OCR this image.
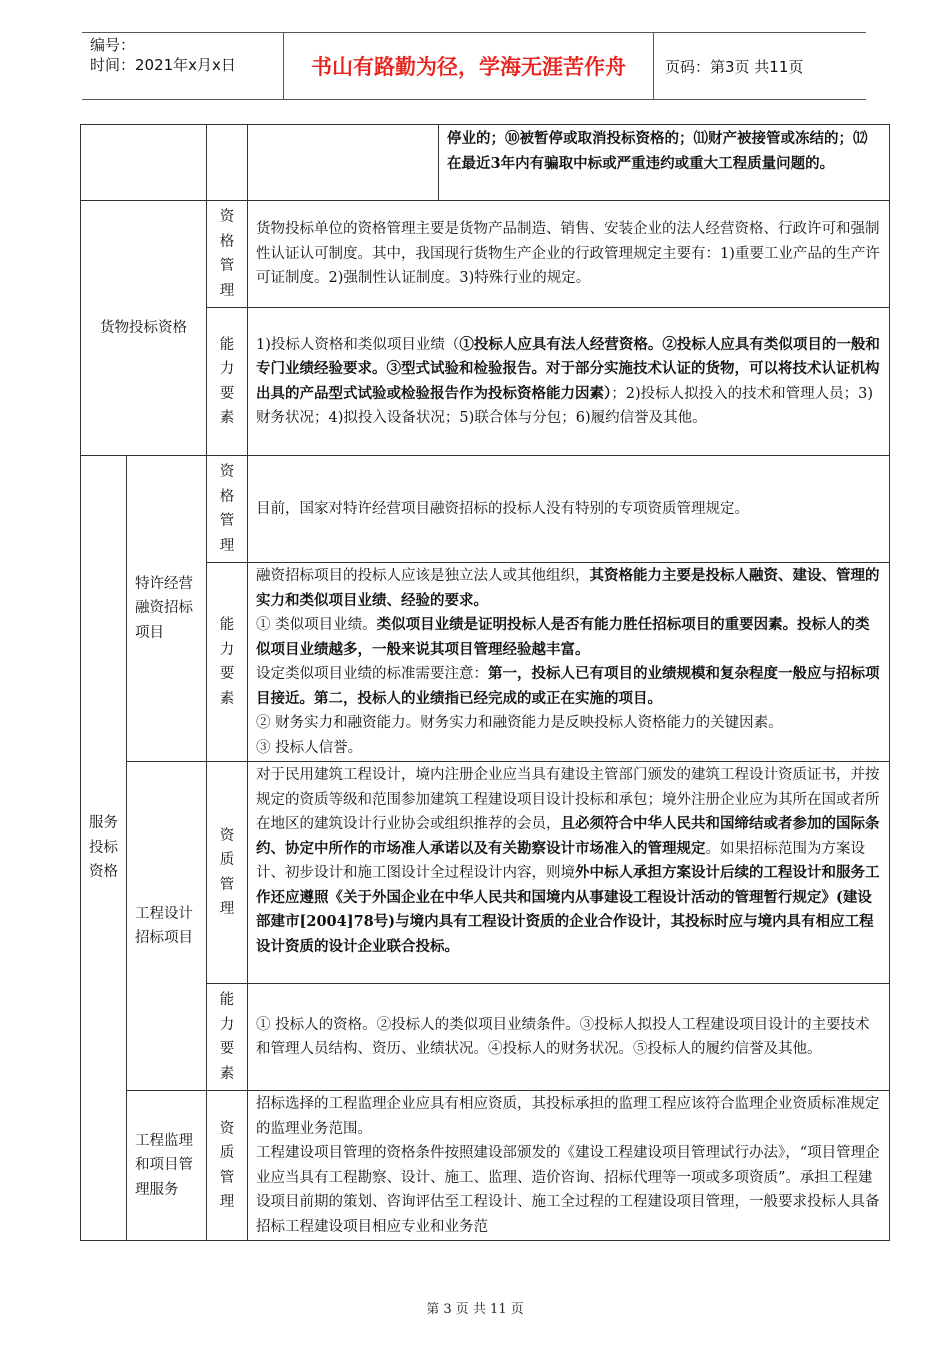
编号：
时间：2021年x月x日	书山有路勤为径，学海无涯苦作舟	页码：第3页 共11页
				停业的；⑩被暂停或取消投标资格的；⑾财产被接管或冻结的；⑿在最近3年内有骗取中标或严重违约或重大工程质量问题的。
货物投标资格		资格管理	货物投标单位的资格管理主要是货物产品制造、销售、安装企业的法人经营资格、行政许可和强制性认证认可制度。其中，我国现行货物生产企业的行政管理规定主要有：1)重要工业产品的生产许可证制度。2)强制性认证制度。3)特殊行业的规定。	
		能力要素	1)投标人资格和类似项目业绩（①投标人应具有法人经营资格。②投标人应具有类似项目的一般和专门业绩经验要求。③型式试验和检验报告。对于部分实施技术认证的货物，可以将技术认证机构出具的产品型式试验或检验报告作为投标资格能力因素）；2)投标人拟投入的技术和管理人员；3)财务状况；4)拟投入设备状况；5)联合体与分包；6)履约信誉及其他。	
服务投标资格	特许经营融资招标项目	资格管理	目前，国家对特许经营项目融资招标的投标人没有特别的专项资质管理规定。	
		能力要素	融资招标项目的投标人应该是独立法人或其他组织，其资格能力主要是投标人融资、建设、管理的实力和类似项目业绩、经验的要求。
① 类似项目业绩。类似项目业绩是证明投标人是否有能力胜任招标项目的重要因素。投标人的类似项目业绩越多，一般来说其项目管理经验越丰富。
设定类似项目业绩的标准需要注意：第一，投标人已有项目的业绩规模和复杂程度一般应与招标项目接近。第二，投标人的业绩指已经完成的或正在实施的项目。
② 财务实力和融资能力。财务实力和融资能力是反映投标人资格能力的关键因素。
③ 投标人信誉。	
	工程设计招标项目	资质管理	对于民用建筑工程设计，境内注册企业应当具有建设主管部门颁发的建筑工程设计资质证书，并按规定的资质等级和范围参加建筑工程建设项目设计投标和承包；境外注册企业应为其所在国或者所在地区的建筑设计行业协会或组织推荐的会员，且必须符合中华人民共和国缔结或者参加的国际条约、协定中所作的市场准人承诺以及有关勘察设计市场准入的管理规定。如果招标范围为方案设计、初步设计和施工图设计全过程设计内容，则境外中标人承担方案设计后续的工程设计和服务工作还应遵照《关于外国企业在中华人民共和国境内从事建设工程设计活动的管理暂行规定》(建设部建市[2004]78号)与境内具有工程设计资质的企业合作设计，其投标时应与境内具有相应工程设计资质的设计企业联合投标。	
		能力要素	① 投标人的资格。②投标人的类似项目业绩条件。③投标人拟投人工程建设项目设计的主要技术和管理人员结构、资历、业绩状况。④投标人的财务状况。⑤投标人的履约信誉及其他。	
	工程监理和项目管理服务	资质管理	招标选择的工程监理企业应具有相应资质，其投标承担的监理工程应该符合监理企业资质标准规定的监理业务范围。
工程建设项目管理的资格条件按照建设部颁发的《建设工程建设项目管理试行办法》，“项目管理企业应当具有工程勘察、设计、施工、监理、造价咨询、招标代理等一项或多项资质”。承担工程建设项目前期的策划、咨询评估至工程设计、施工全过程的工程建设项目管理，一般要求投标人具备招标工程建设项目相应专业和业务范	
第 3 页 共 11 页
